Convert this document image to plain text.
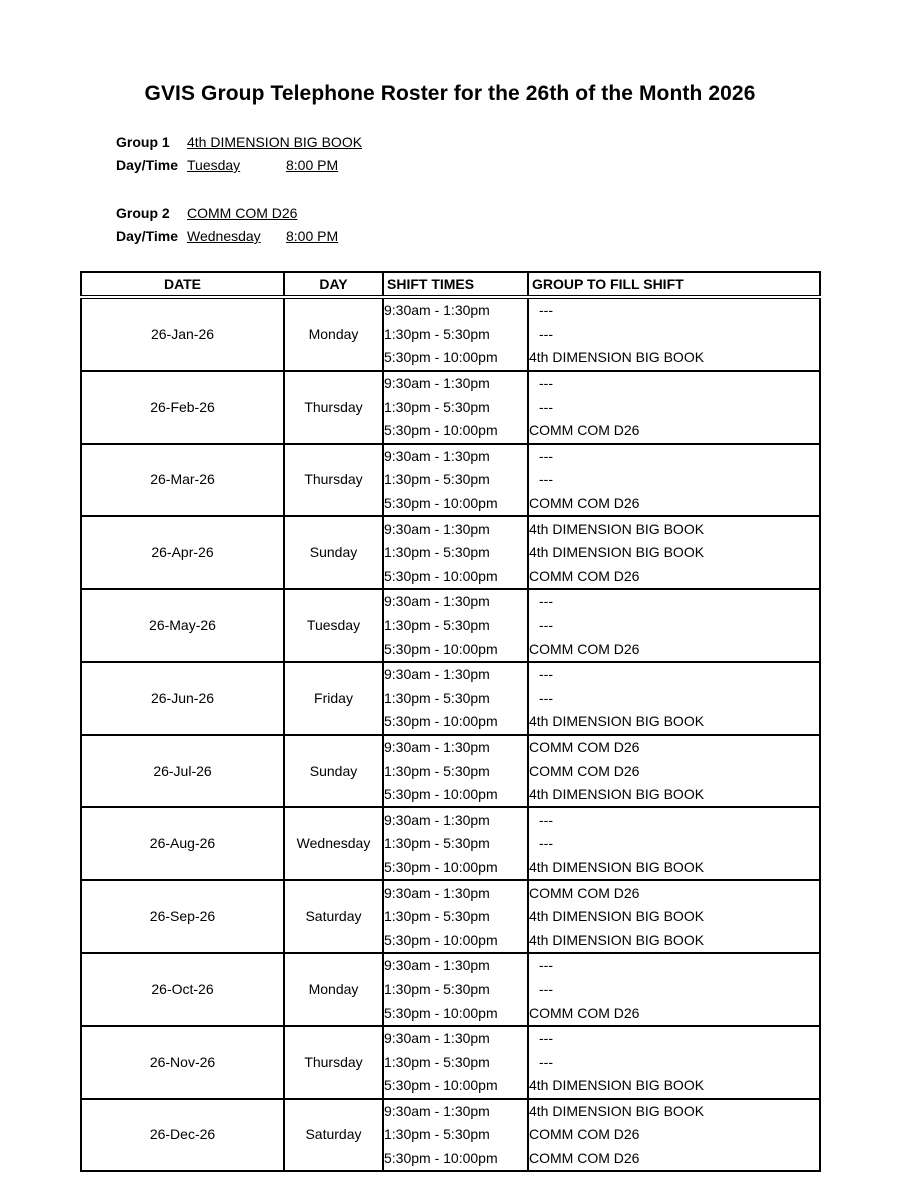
GVIS Group Telephone Roster for the 26th of the Month 2026
Group 1 4th DIMENSION BIG BOOK
Day/Time Tuesday	8:00 PM
Group 2 COMM COM D26
Day/Time Wednesday 8:00 PM
DATE	DAY	SHIFT TIMES	GROUP TO FILL SHIFT
26-Jan-26	Monday	9:30am - 1:30pm	---
		1:30pm - 5:30pm	---
		5:30pm - 10:00pm	4th DIMENSION BIG BOOK
26-Feb-26	Thursday	9:30am - 1:30pm	---
		1:30pm - 5:30pm	---
		5:30pm - 10:00pm	COMM COM D26
26-Mar-26	Thursday	9:30am - 1:30pm	---
		1:30pm - 5:30pm	---
		5:30pm - 10:00pm	COMM COM D26
26-Apr-26	Sunday	9:30am - 1:30pm	4th DIMENSION BIG BOOK
		1:30pm - 5:30pm	4th DIMENSION BIG BOOK
		5:30pm - 10:00pm	COMM COM D26
26-May-26	Tuesday	9:30am - 1:30pm	---
		1:30pm - 5:30pm	---
		5:30pm - 10:00pm	COMM COM D26
26-Jun-26	Friday	9:30am - 1:30pm	---
		1:30pm - 5:30pm	---
		5:30pm - 10:00pm	4th DIMENSION BIG BOOK
26-Jul-26	Sunday	9:30am - 1:30pm	COMM COM D26
		1:30pm - 5:30pm	COMM COM D26
		5:30pm - 10:00pm	4th DIMENSION BIG BOOK
26-Aug-26	Wednesday	9:30am - 1:30pm	---
		1:30pm - 5:30pm	---
		5:30pm - 10:00pm	4th DIMENSION BIG BOOK
26-Sep-26	Saturday	9:30am - 1:30pm	COMM COM D26
		1:30pm - 5:30pm	4th DIMENSION BIG BOOK
		5:30pm - 10:00pm	4th DIMENSION BIG BOOK
26-Oct-26	Monday	9:30am - 1:30pm	---
		1:30pm - 5:30pm	---
		5:30pm - 10:00pm	COMM COM D26
26-Nov-26	Thursday	9:30am - 1:30pm	---
		1:30pm - 5:30pm	---
		5:30pm - 10:00pm	4th DIMENSION BIG BOOK
26-Dec-26	Saturday	9:30am - 1:30pm	4th DIMENSION BIG BOOK
		1:30pm - 5:30pm	COMM COM D26
		5:30pm - 10:00pm	COMM COM D26
